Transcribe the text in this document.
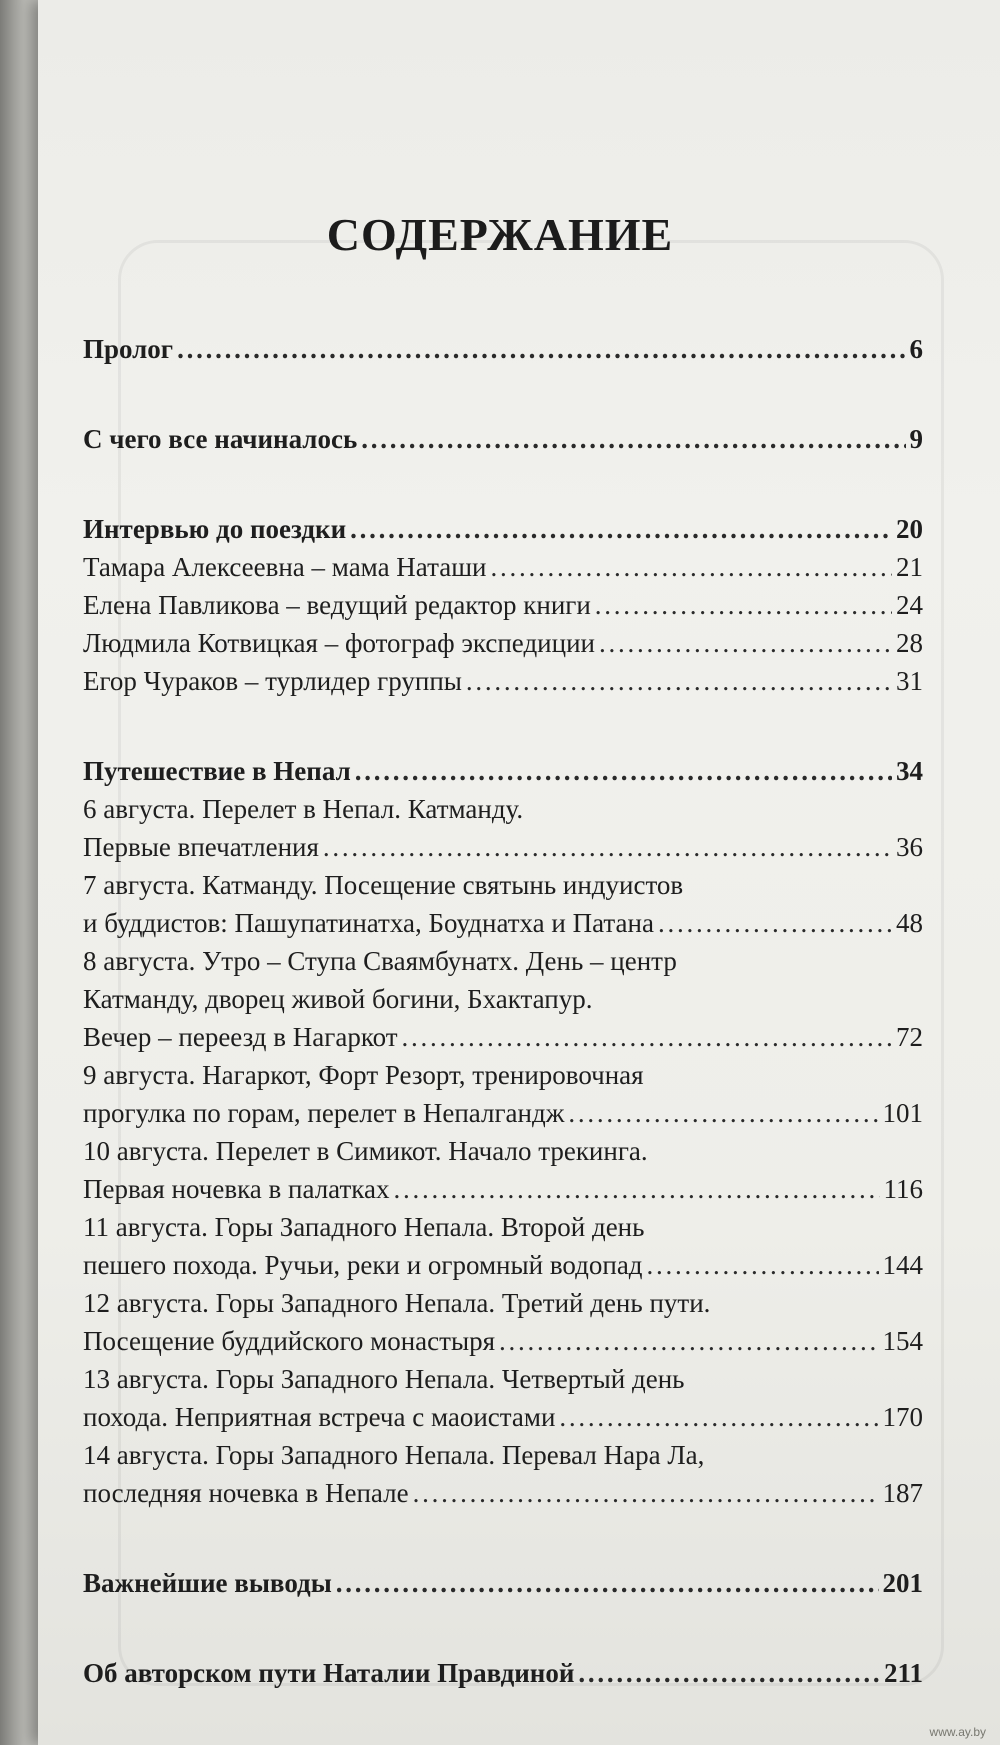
СОДЕРЖАНИЕ
Пролог . . .	6
С чего все начиналось . . .	9
Интервью до поездки . . .	20
Тамара Алексеевна – мама Наташи . . .	21
Елена Павликова – ведущий редактор книги . . .	24
Людмила Котвицкая – фотограф экспедиции . . .	28
Егор Чураков – турлидер группы . . .	31
Путешествие в Непал . . .	34
6 августа. Перелет в Непал. Катманду.
Первые впечатления . . .	36
7 августа. Катманду. Посещение святынь индуистов
и буддистов: Пашупатинатха, Боуднатха и Патана . . .	48
8 августа. Утро – Ступа Сваямбунатх. День – центр
Катманду, дворец живой богини, Бхактапур.
Вечер – переезд в Нагаркот . . .	72
9 августа. Нагаркот, Форт Резорт, тренировочная
прогулка по горам, перелет в Непалгандж . . .	101
10 августа. Перелет в Симикот. Начало трекинга.
Первая ночевка в палатках . . .	116
11 августа. Горы Западного Непала. Второй день
пешего похода. Ручьи, реки и огромный водопад . . .	144
12 августа. Горы Западного Непала. Третий день пути.
Посещение буддийского монастыря . . .	154
13 августа. Горы Западного Непала. Четвертый день
похода. Неприятная встреча с маоистами . . .	170
14 августа. Горы Западного Непала. Перевал Нара Ла,
последняя ночевка в Непале . . .	187
Важнейшие выводы . . .	201
Об авторском пути Наталии Правдиной . . .	211
www.ay.by
